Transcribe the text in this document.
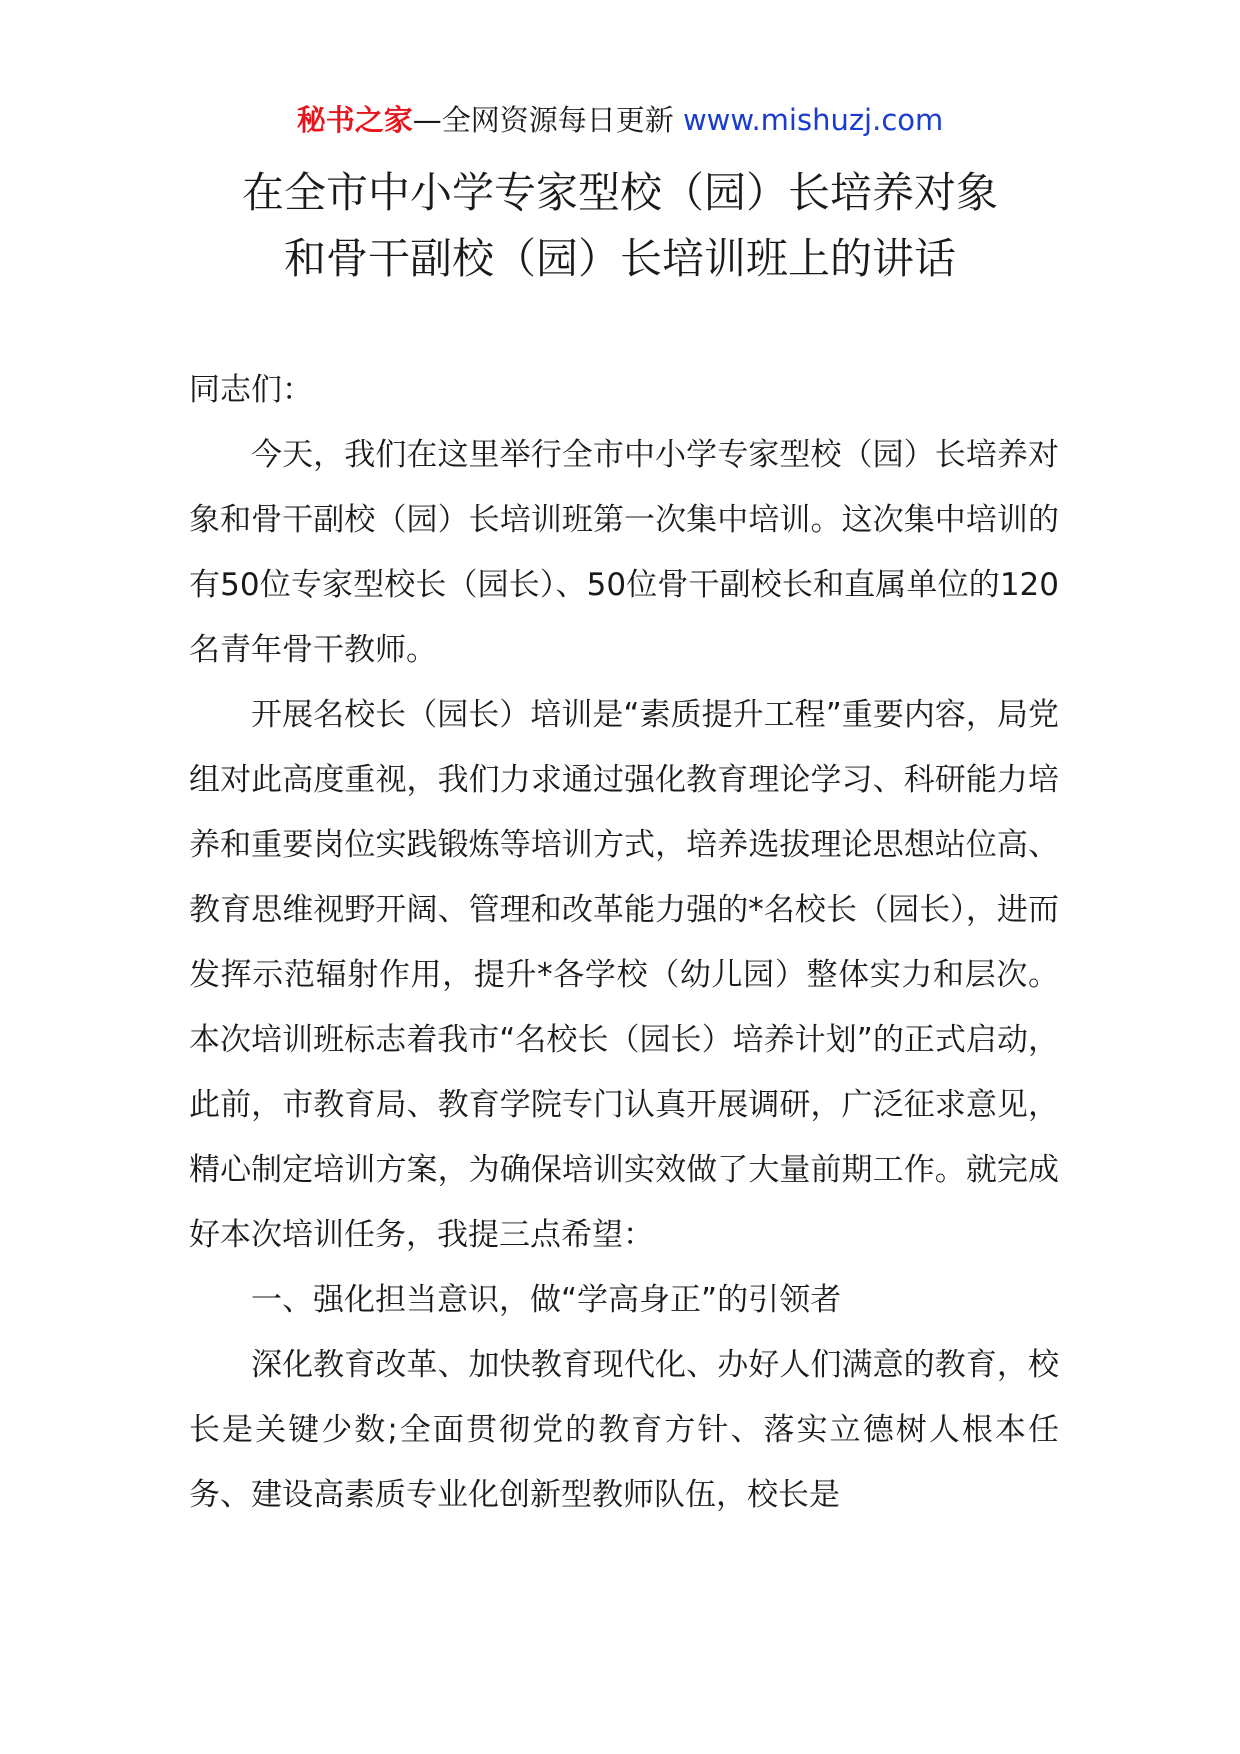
秘书之家—全网资源每日更新 www.mishuzj.com
在全市中小学专家型校（园）长培养对象
和骨干副校（园）长培训班上的讲话

同志们：

今天，我们在这里举行全市中小学专家型校（园）长培养对象和骨干副校（园）长培训班第一次集中培训。这次集中培训的有50位专家型校长（园长）、50位骨干副校长和直属单位的120名青年骨干教师。

开展名校长（园长）培训是“素质提升工程”重要内容，局党组对此高度重视，我们力求通过强化教育理论学习、科研能力培养和重要岗位实践锻炼等培训方式，培养选拔理论思想站位高、教育思维视野开阔、管理和改革能力强的*名校长（园长），进而发挥示范辐射作用，提升*各学校（幼儿园）整体实力和层次。本次培训班标志着我市“名校长（园长）培养计划”的正式启动，此前，市教育局、教育学院专门认真开展调研，广泛征求意见，精心制定培训方案，为确保培训实效做了大量前期工作。就完成好本次培训任务，我提三点希望：

一、强化担当意识，做“学高身正”的引领者

深化教育改革、加快教育现代化、办好人们满意的教育，校长是关键少数;全面贯彻党的教育方针、落实立德树人根本任务、建设高素质专业化创新型教师队伍，校长是
